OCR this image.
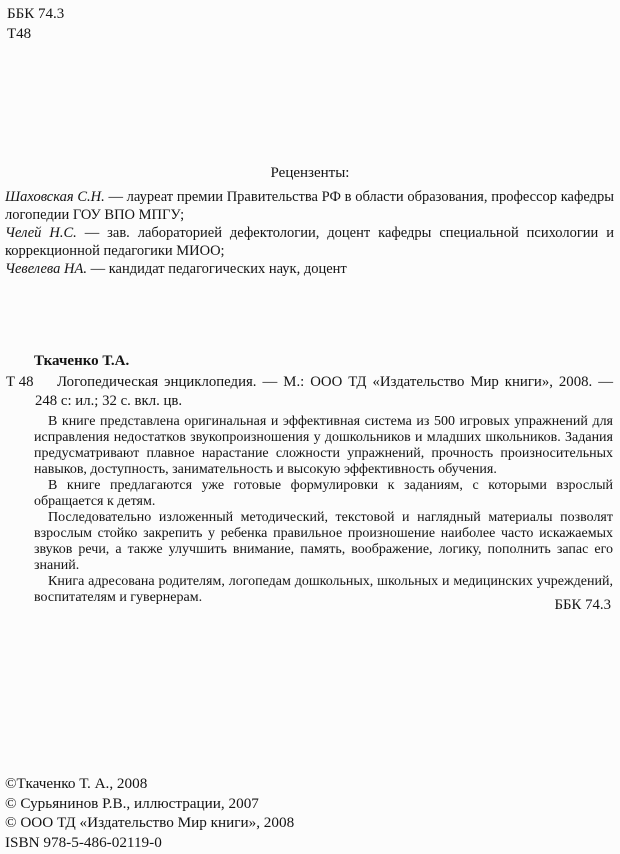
ББК 74.3
Т48
Рецензенты:

Шаховская С.Н. — лауреат премии Правительства РФ в области образования, профессор кафедры логопедии ГОУ ВПО МПГУ;

Челей Н.С. — зав. лабораторией дефектологии, доцент кафедры специальной психологии и коррекционной педагогики МИОО;

Чевелева НА. — кандидат педагогических наук, доцент

Ткаченко Т.А.
Т 48	Логопедическая энциклопедия. — М.: ООО ТД «Издательство Мир книги», 2008. — 248 с: ил.; 32 с. вкл. цв.

В книге представлена оригинальная и эффективная система из 500 игровых упражнений для исправления недостатков звукопроизношения у дошкольников и младших школьников. Задания предусматривают плавное нарастание сложности упражнений, прочность произносительных навыков, доступность, занимательность и высокую эффективность обучения.

В книге предлагаются уже готовые формулировки к заданиям, с которыми взрослый обращается к детям.

Последовательно изложенный методический, текстовой и наглядный материалы позволят взрослым стойко закрепить у ребенка правильное произношение наиболее часто искажаемых звуков речи, а также улучшить внимание, память, воображение, логику, пополнить запас его знаний.

Книга адресована родителям, логопедам дошкольных, школьных и медицинских учреждений, воспитателям и гувернерам.	ББК 74.3
©Ткаченко Т. А., 2008
© Сурьянинов Р.В., иллюстрации, 2007
© ООО ТД «Издательство Мир книги», 2008
ISBN 978-5-486-02119-0
